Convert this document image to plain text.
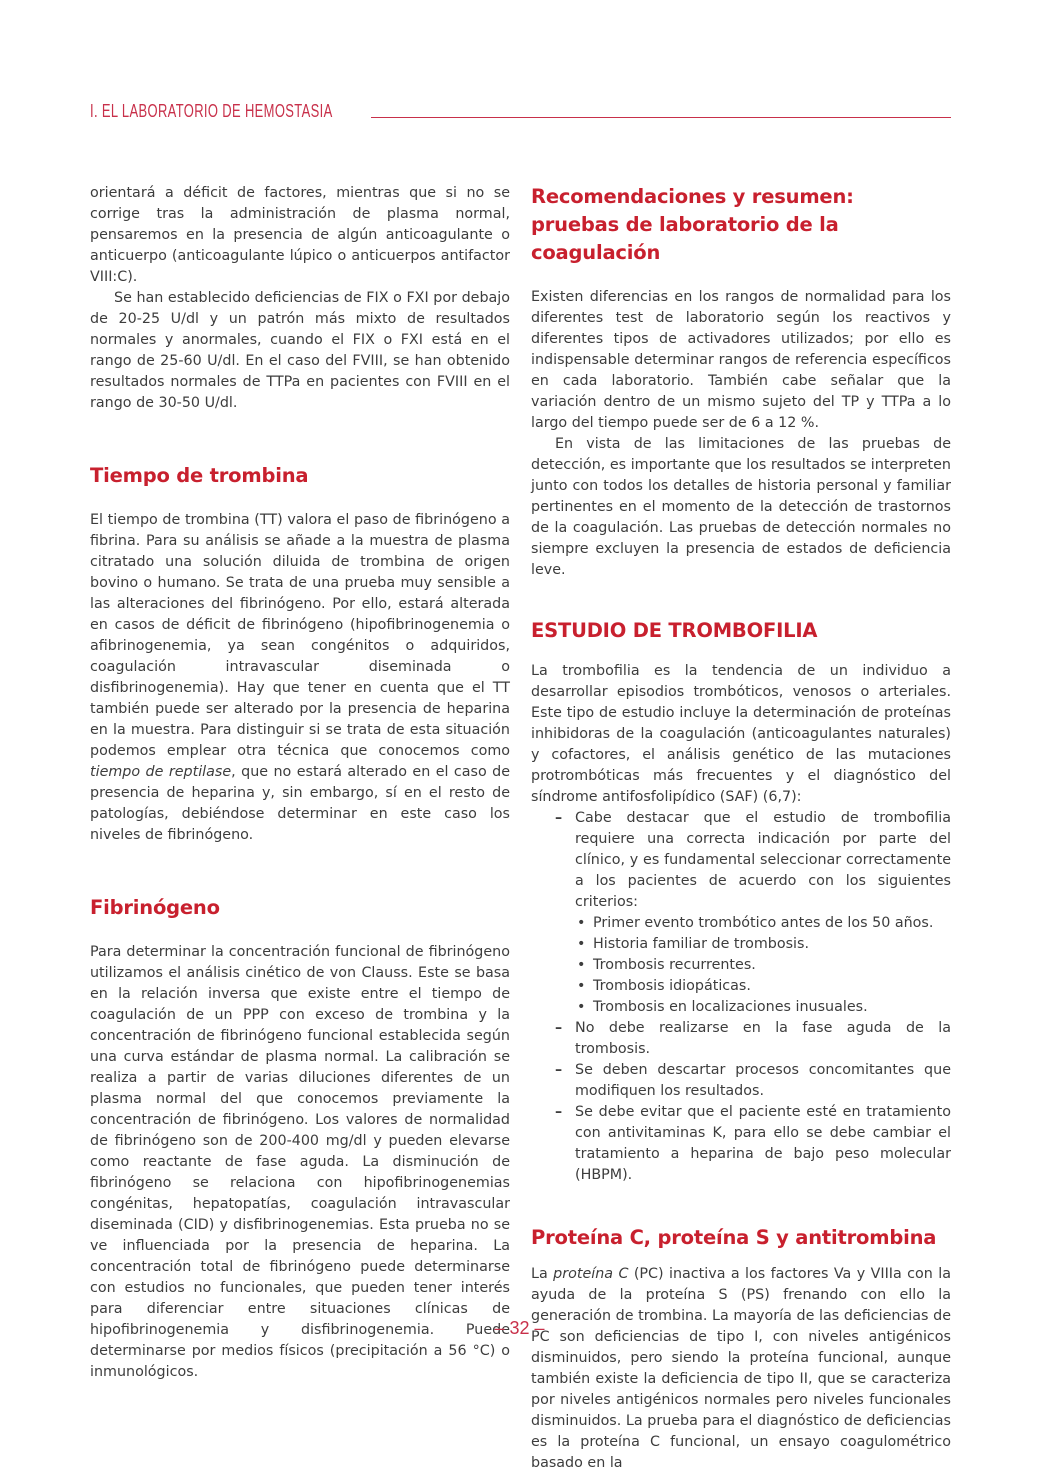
I. EL LABORATORIO DE HEMOSTASIA

orientará a déficit de factores, mientras que si no se corrige tras la administración de plasma normal, pensaremos en la presencia de algún anticoagulante o anticuerpo (anticoagulante lúpico o anticuerpos antifactor VIII:C).

Se han establecido deficiencias de FIX o FXI por debajo de 20-25 U/dl y un patrón más mixto de resultados normales y anormales, cuando el FIX o FXI está en el rango de 25-60 U/dl. En el caso del FVIII, se han obtenido resultados normales de TTPa en pacientes con FVIII en el rango de 30-50 U/dl.

Tiempo de trombina

El tiempo de trombina (TT) valora el paso de fibrinógeno a fibrina. Para su análisis se añade a la muestra de plasma citratado una solución diluida de trombina de origen bovino o humano. Se trata de una prueba muy sensible a las alteraciones del fibrinógeno. Por ello, estará alterada en casos de déficit de fibrinógeno (hipofibrinogenemia o afibrinogenemia, ya sean congénitos o adquiridos, coagulación intravascular diseminada o disfibrinogenemia). Hay que tener en cuenta que el TT también puede ser alterado por la presencia de heparina en la muestra. Para distinguir si se trata de esta situación podemos emplear otra técnica que conocemos como tiempo de reptilase, que no estará alterado en el caso de presencia de heparina y, sin embargo, sí en el resto de patologías, debiéndose determinar en este caso los niveles de fibrinógeno.

Fibrinógeno

Para determinar la concentración funcional de fibrinógeno utilizamos el análisis cinético de von Clauss. Este se basa en la relación inversa que existe entre el tiempo de coagulación de un PPP con exceso de trombina y la concentración de fibrinógeno funcional establecida según una curva estándar de plasma normal. La calibración se realiza a partir de varias diluciones diferentes de un plasma normal del que conocemos previamente la concentración de fibrinógeno. Los valores de normalidad de fibrinógeno son de 200-400 mg/dl y pueden elevarse como reactante de fase aguda. La disminución de fibrinógeno se relaciona con hipofibrinogenemias congénitas, hepatopatías, coagulación intravascular diseminada (CID) y disfibrinogenemias. Esta prueba no se ve influenciada por la presencia de heparina. La concentración total de fibrinógeno puede determinarse con estudios no funcionales, que pueden tener interés para diferenciar entre situaciones clínicas de hipofibrinogenemia y disfibrinogenemia. Puede determinarse por medios físicos (precipitación a 56 °C) o inmunológicos.

Recomendaciones y resumen: pruebas de laboratorio de la coagulación

Existen diferencias en los rangos de normalidad para los diferentes test de laboratorio según los reactivos y diferentes tipos de activadores utilizados; por ello es indispensable determinar rangos de referencia específicos en cada laboratorio. También cabe señalar que la variación dentro de un mismo sujeto del TP y TTPa a lo largo del tiempo puede ser de 6 a 12 %.

En vista de las limitaciones de las pruebas de detección, es importante que los resultados se interpreten junto con todos los detalles de historia personal y familiar pertinentes en el momento de la detección de trastornos de la coagulación. Las pruebas de detección normales no siempre excluyen la presencia de estados de deficiencia leve.

ESTUDIO DE TROMBOFILIA

La trombofilia es la tendencia de un individuo a desarrollar episodios trombóticos, venosos o arteriales. Este tipo de estudio incluye la determinación de proteínas inhibidoras de la coagulación (anticoagulantes naturales) y cofactores, el análisis genético de las mutaciones protrombóticas más frecuentes y el diagnóstico del síndrome antifosfolipídico (SAF) (6,7):

– Cabe destacar que el estudio de trombofilia requiere una correcta indicación por parte del clínico, y es fundamental seleccionar correctamente a los pacientes de acuerdo con los siguientes criterios:
• Primer evento trombótico antes de los 50 años.
• Historia familiar de trombosis.
• Trombosis recurrentes.
• Trombosis idiopáticas.
• Trombosis en localizaciones inusuales.
– No debe realizarse en la fase aguda de la trombosis.
– Se deben descartar procesos concomitantes que modifiquen los resultados.
– Se debe evitar que el paciente esté en tratamiento con antivitaminas K, para ello se debe cambiar el tratamiento a heparina de bajo peso molecular (HBPM).
Proteína C, proteína S y antitrombina

La proteína C (PC) inactiva a los factores Va y VIIIa con la ayuda de la proteína S (PS) frenando con ello la generación de trombina. La mayoría de las deficiencias de PC son deficiencias de tipo I, con niveles antigénicos disminuidos, pero siendo la proteína funcional, aunque también existe la deficiencia de tipo II, que se caracteriza por niveles antigénicos normales pero niveles funcionales disminuidos. La prueba para el diagnóstico de deficiencias es la proteína C funcional, un ensayo coagulométrico basado en la

– 32 –
